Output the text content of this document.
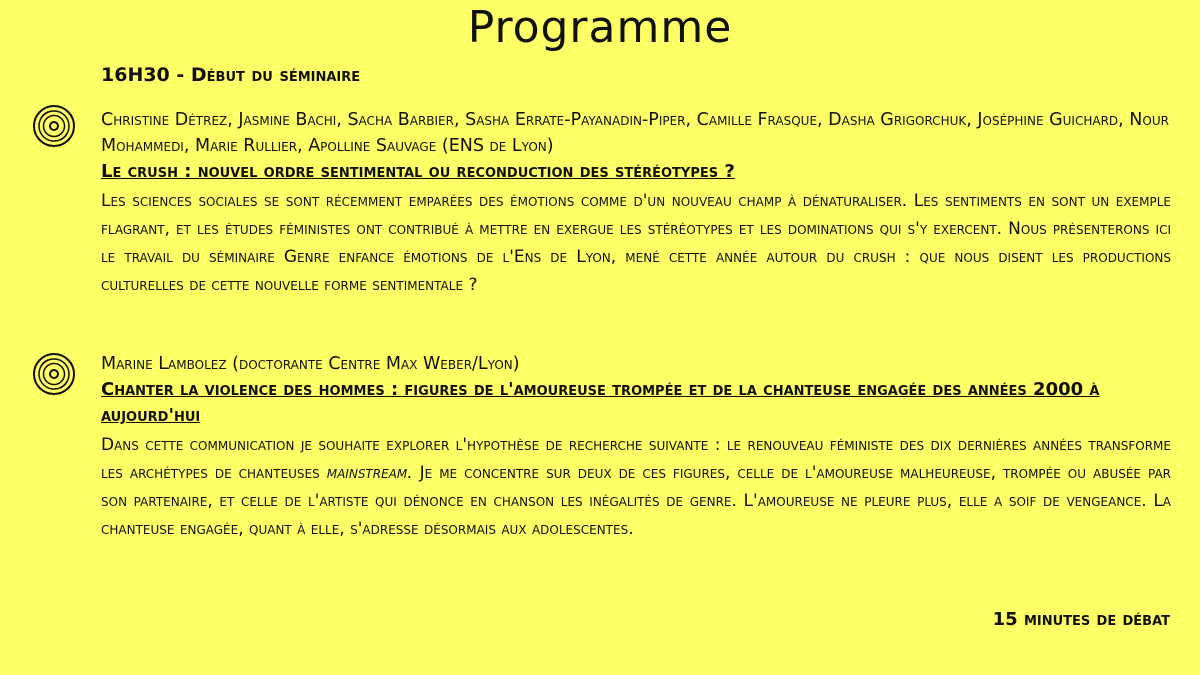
Programme
16H30 - Début du séminaire
Christine Détrez, Jasmine Bachi, Sacha Barbier, Sasha Errate-Payanadin-Piper, Camille Frasque, Dasha Grigorchuk, Joséphine Guichard, Nour Mohammedi, Marie Rullier, Apolline Sauvage (ENS de Lyon)
Le crush : nouvel ordre sentimental ou reconduction des stéréotypes ?
Les sciences sociales se sont récemment emparées des émotions comme d'un nouveau champ à dénaturaliser. Les sentiments en sont un exemple flagrant, et les études féministes ont contribué à mettre en exergue les stéréotypes et les dominations qui s'y exercent. Nous présenterons ici le travail du séminaire Genre enfance émotions de l'Ens de Lyon, mené cette année autour du crush : que nous disent les productions culturelles de cette nouvelle forme sentimentale ?
Marine Lambolez (doctorante Centre Max Weber/Lyon)
Chanter la violence des hommes : figures de l'amoureuse trompée et de la chanteuse engagée des années 2000 à aujourd'hui
Dans cette communication je souhaite explorer l'hypothèse de recherche suivante : le renouveau féministe des dix dernières années transforme les archétypes de chanteuses mainstream. Je me concentre sur deux de ces figures, celle de l'amoureuse malheureuse, trompée ou abusée par son partenaire, et celle de l'artiste qui dénonce en chanson les inégalités de genre. L'amoureuse ne pleure plus, elle a soif de vengeance. La chanteuse engagée, quant à elle, s'adresse désormais aux adolescentes.
15 minutes de débat
